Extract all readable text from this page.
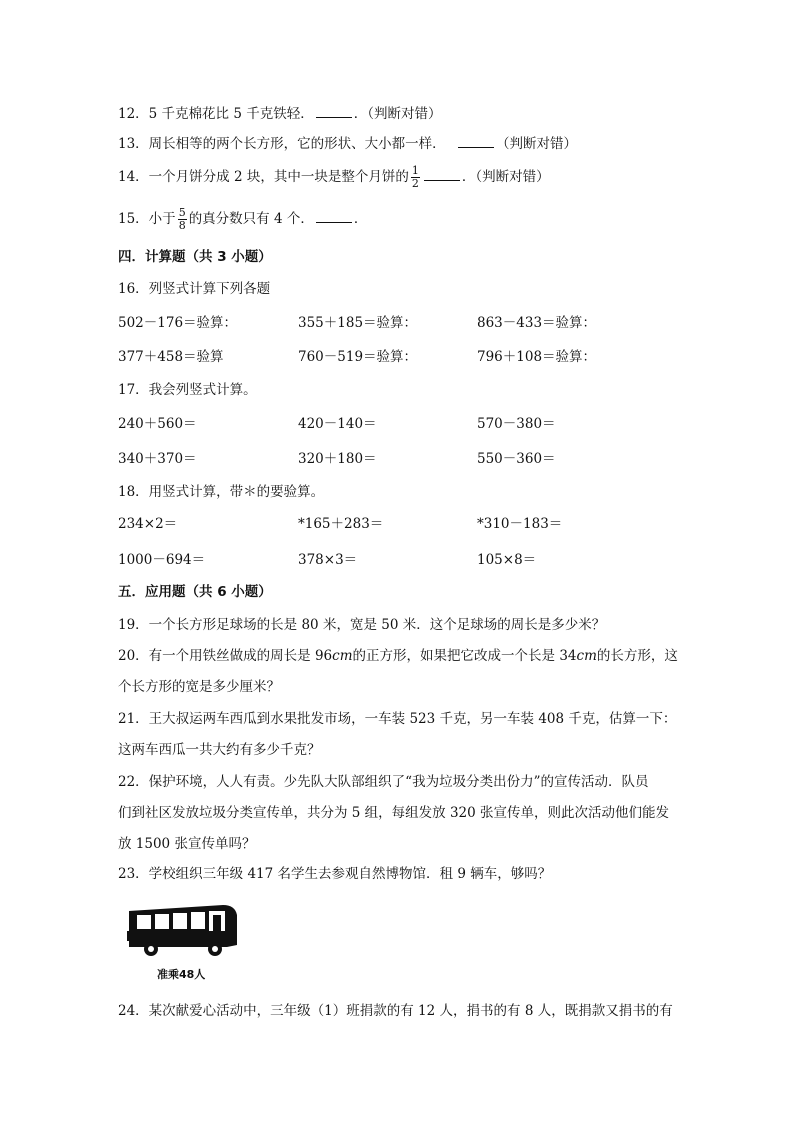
12．5 千克棉花比 5 千克铁轻．	．（判断对错）
13．周长相等的两个长方形，它的形状、大小都一样．	（判断对错）
14．一个月饼分成 2 块，其中一块是整个月饼的 $\frac{1}{2}$	．（判断对错）
15．小于 $\frac{5}{8}$ 的真分数只有 4 个．	．
四．计算题（共 3 小题）
16．列竖式计算下列各题
502－176＝验算：	355＋185＝验算：	863－433＝验算：
377＋458＝验算	760－519＝验算：	796＋108＝验算：
17．我会列竖式计算。
240＋560＝	420－140＝	570－380＝
340＋370＝	320＋180＝	550－360＝
18．用竖式计算，带＊的要验算。
234×2＝	*165＋283＝	*310－183＝
1000－694＝	378×3＝	105×8＝
五．应用题（共 6 小题）
19．一个长方形足球场的长是 80 米，宽是 50 米．这个足球场的周长是多少米？
20．有一个用铁丝做成的周长是 96cm的正方形，如果把它改成一个长是 34cm的长方形，这
个长方形的宽是多少厘米？
21．王大叔运两车西瓜到水果批发市场，一车装 523 千克，另一车装 408 千克，估算一下：
这两车西瓜一共大约有多少千克？
22．保护环境，人人有责。少先队大队部组织了“我为垃圾分类出份力”的宣传活动．队员
们到社区发放垃圾分类宣传单，共分为 5 组，每组发放 320 张宣传单，则此次活动他们能发
放 1500 张宣传单吗？
23．学校组织三年级 417 名学生去参观自然博物馆．租 9 辆车，够吗？
准乘48人
24．某次献爱心活动中，三年级（1）班捐款的有 12 人，捐书的有 8 人，既捐款又捐书的有
